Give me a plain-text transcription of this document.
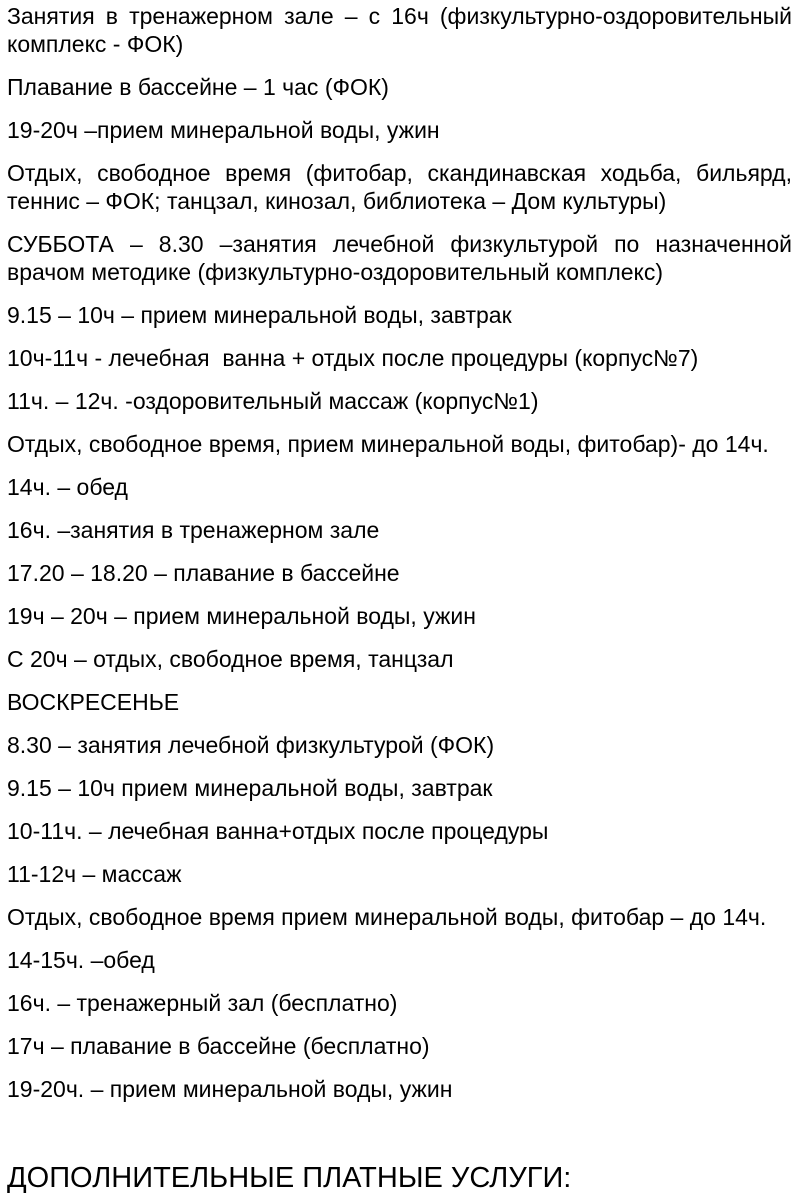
Занятия в тренажерном зале – с 16ч (физкультурно-оздоровительный комплекс - ФОК)

Плавание в бассейне – 1 час (ФОК)

19-20ч –прием минеральной воды, ужин

Отдых, свободное время (фитобар, скандинавская ходьба, бильярд, теннис – ФОК; танцзал, кинозал, библиотека – Дом культуры)

СУББОТА – 8.30 –занятия лечебной физкультурой по назначенной врачом методике (физкультурно-оздоровительный комплекс)

9.15 – 10ч – прием минеральной воды, завтрак

10ч-11ч - лечебная  ванна + отдых после процедуры (корпус№7)

11ч. – 12ч. -оздоровительный массаж (корпус№1)

Отдых, свободное время, прием минеральной воды, фитобар)- до 14ч.

14ч. – обед

16ч. –занятия в тренажерном зале

17.20 – 18.20 – плавание в бассейне

19ч – 20ч – прием минеральной воды, ужин

С 20ч – отдых, свободное время, танцзал

ВОСКРЕСЕНЬЕ

8.30 – занятия лечебной физкультурой (ФОК)

9.15 – 10ч прием минеральной воды, завтрак

10-11ч. – лечебная ванна+отдых после процедуры

11-12ч – массаж

Отдых, свободное время прием минеральной воды, фитобар – до 14ч.

14-15ч. –обед

16ч. – тренажерный зал (бесплатно)

17ч – плавание в бассейне (бесплатно)

19-20ч. – прием минеральной воды, ужин

ДОПОЛНИТЕЛЬНЫЕ ПЛАТНЫЕ УСЛУГИ:
